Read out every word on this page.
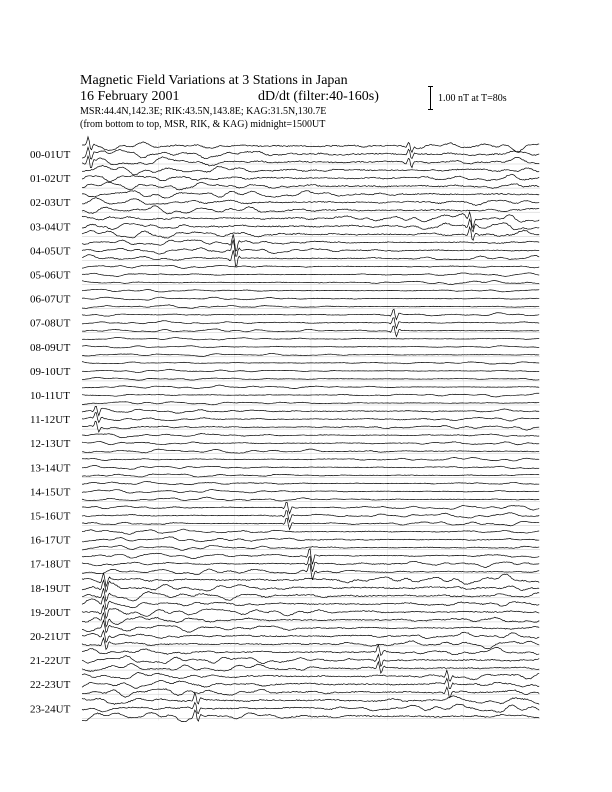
Magnetic Field Variations at 3 Stations in Japan
16 February 2001	dD/dt (filter:40-160s)
MSR:44.4N,142.3E; RIK:43.5N,143.8E; KAG:31.5N,130.7E
(from bottom to top, MSR, RIK, & KAG) midnight=1500UT
1.00 nT at T=80s
00-01UT
01-02UT
02-03UT
03-04UT
04-05UT
05-06UT
06-07UT
07-08UT
08-09UT
09-10UT
10-11UT
11-12UT
12-13UT
13-14UT
14-15UT
15-16UT
16-17UT
17-18UT
18-19UT
19-20UT
20-21UT
21-22UT
22-23UT
23-24UT
